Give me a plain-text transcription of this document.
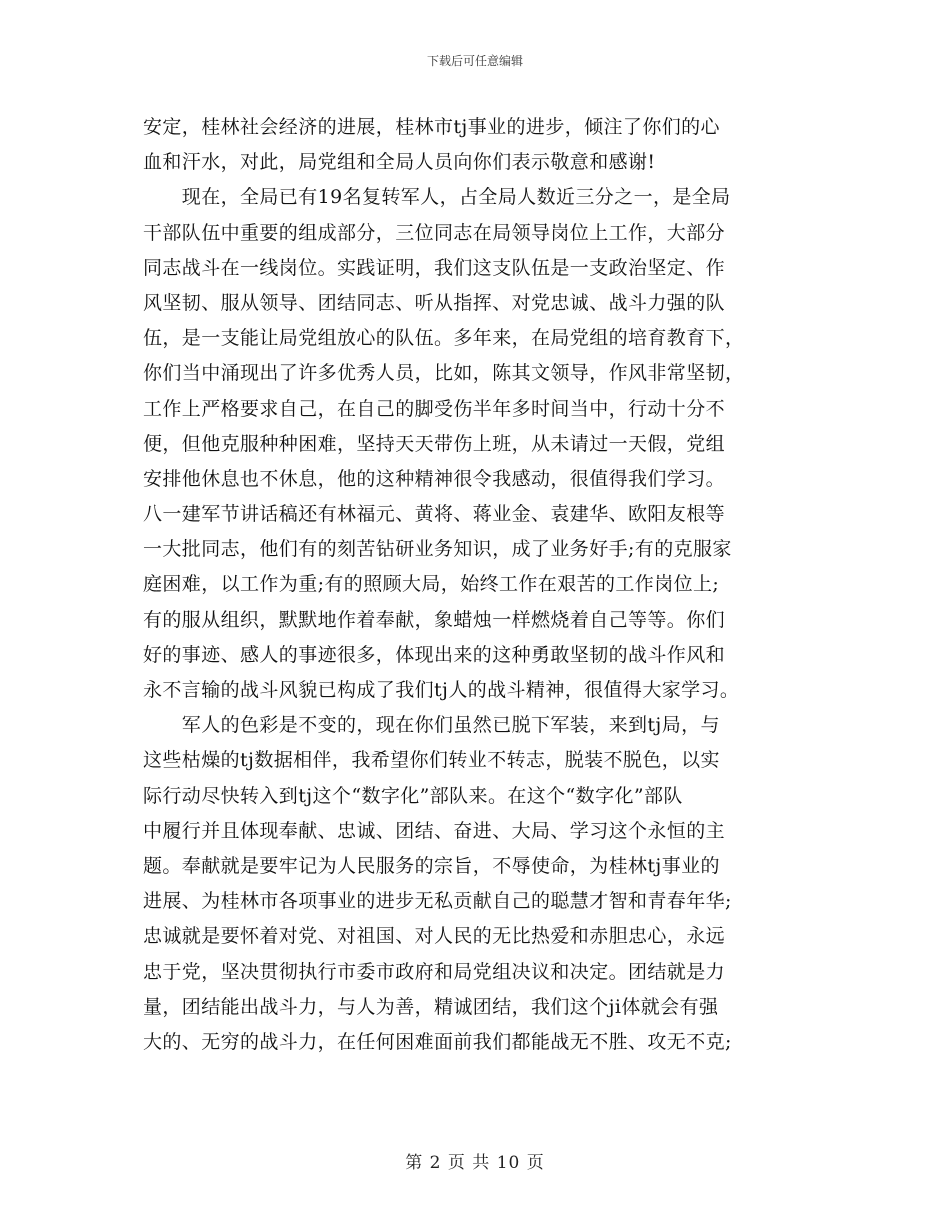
下载后可任意编辑
安定，桂林社会经济的进展，桂林市tj事业的进步，倾注了你们的心
血和汗水，对此，局党组和全局人员向你们表示敬意和感谢!
　　现在，全局已有19名复转军人，占全局人数近三分之一，是全局
干部队伍中重要的组成部分，三位同志在局领导岗位上工作，大部分
同志战斗在一线岗位。实践证明，我们这支队伍是一支政治坚定、作
风坚韧、服从领导、团结同志、听从指挥、对党忠诚、战斗力强的队
伍，是一支能让局党组放心的队伍。多年来，在局党组的培育教育下，
你们当中涌现出了许多优秀人员，比如，陈其文领导，作风非常坚韧，
工作上严格要求自己，在自己的脚受伤半年多时间当中，行动十分不
便，但他克服种种困难，坚持天天带伤上班，从未请过一天假，党组
安排他休息也不休息，他的这种精神很令我感动，很值得我们学习。
八一建军节讲话稿还有林福元、黄将、蒋业金、袁建华、欧阳友根等
一大批同志，他们有的刻苦钻研业务知识，成了业务好手;有的克服家
庭困难，以工作为重;有的照顾大局，始终工作在艰苦的工作岗位上;
有的服从组织，默默地作着奉献，象蜡烛一样燃烧着自己等等。你们
好的事迹、感人的事迹很多，体现出来的这种勇敢坚韧的战斗作风和
永不言输的战斗风貌已构成了我们tj人的战斗精神，很值得大家学习。
　　军人的色彩是不变的，现在你们虽然已脱下军装，来到tj局，与
这些枯燥的tj数据相伴，我希望你们转业不转志，脱装不脱色，以实
际行动尽快转入到tj这个“数字化”部队来。在这个“数字化”部队
中履行并且体现奉献、忠诚、团结、奋进、大局、学习这个永恒的主
题。奉献就是要牢记为人民服务的宗旨，不辱使命，为桂林tj事业的
进展、为桂林市各项事业的进步无私贡献自己的聪慧才智和青春年华;
忠诚就是要怀着对党、对祖国、对人民的无比热爱和赤胆忠心，永远
忠于党，坚决贯彻执行市委市政府和局党组决议和决定。团结就是力
量，团结能出战斗力，与人为善，精诚团结，我们这个ji体就会有强
大的、无穷的战斗力，在任何困难面前我们都能战无不胜、攻无不克;
第 2 页 共 10 页
